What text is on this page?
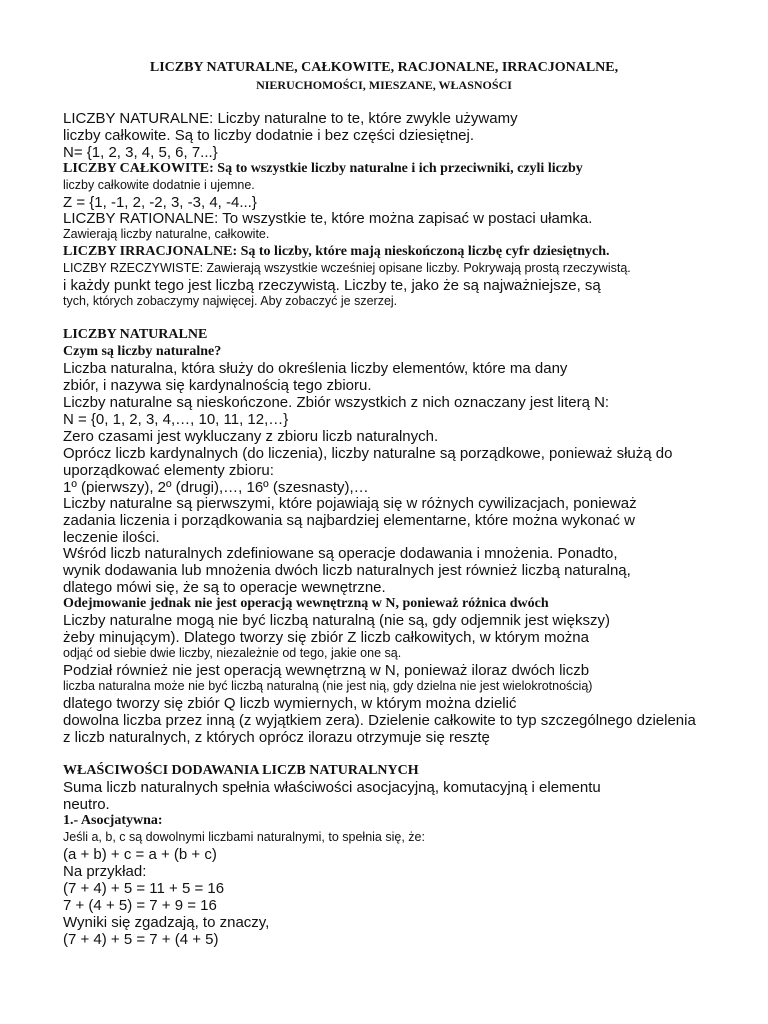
LICZBY NATURALNE, CAŁKOWITE, RACJONALNE, IRRACJONALNE,
NIERUCHOMOŚCI, MIESZANE, WŁASNOŚCI
LICZBY NATURALNE: Liczby naturalne to te, które zwykle używamy
liczby całkowite. Są to liczby dodatnie i bez części dziesiętnej.
N= {1, 2, 3, 4, 5, 6, 7...}
LICZBY CAŁKOWITE: Są to wszystkie liczby naturalne i ich przeciwniki, czyli liczby
liczby całkowite dodatnie i ujemne.
Z = {1, -1, 2, -2, 3, -3, 4, -4...}
LICZBY RATIONALNE: To wszystkie te, które można zapisać w postaci ułamka.
Zawierają liczby naturalne, całkowite.
LICZBY IRRACJONALNE: Są to liczby, które mają nieskończoną liczbę cyfr dziesiętnych.
LICZBY RZECZYWISTE: Zawierają wszystkie wcześniej opisane liczby. Pokrywają prostą rzeczywistą.
i każdy punkt tego jest liczbą rzeczywistą. Liczby te, jako że są najważniejsze, są
tych, których zobaczymy najwięcej. Aby zobaczyć je szerzej.
LICZBY NATURALNE
Czym są liczby naturalne?
Liczba naturalna, która służy do określenia liczby elementów, które ma dany
zbiór, i nazywa się kardynalnością tego zbioru.
Liczby naturalne są nieskończone. Zbiór wszystkich z nich oznaczany jest literą N:
N = {0, 1, 2, 3, 4,…, 10, 11, 12,…}
Zero czasami jest wykluczany z zbioru liczb naturalnych.
Oprócz liczb kardynalnych (do liczenia), liczby naturalne są porządkowe, ponieważ służą do
uporządkować elementy zbioru:
1º (pierwszy), 2º (drugi),…, 16º (szesnasty),…
Liczby naturalne są pierwszymi, które pojawiają się w różnych cywilizacjach, ponieważ
zadania liczenia i porządkowania są najbardziej elementarne, które można wykonać w
leczenie ilości.
Wśród liczb naturalnych zdefiniowane są operacje dodawania i mnożenia. Ponadto,
wynik dodawania lub mnożenia dwóch liczb naturalnych jest również liczbą naturalną,
dlatego mówi się, że są to operacje wewnętrzne.
Odejmowanie jednak nie jest operacją wewnętrzną w N, ponieważ różnica dwóch
Liczby naturalne mogą nie być liczbą naturalną (nie są, gdy odjemnik jest większy)
żeby minującym). Dlatego tworzy się zbiór Z liczb całkowitych, w którym można
odjąć od siebie dwie liczby, niezależnie od tego, jakie one są.
Podział również nie jest operacją wewnętrzną w N, ponieważ iloraz dwóch liczb
liczba naturalna może nie być liczbą naturalną (nie jest nią, gdy dzielna nie jest wielokrotnością)
dlatego tworzy się zbiór Q liczb wymiernych, w którym można dzielić
dowolna liczba przez inną (z wyjątkiem zera). Dzielenie całkowite to typ szczególnego dzielenia
z liczb naturalnych, z których oprócz ilorazu otrzymuje się resztę
WŁAŚCIWOŚCI DODAWANIA LICZB NATURALNYCH
Suma liczb naturalnych spełnia właściwości asocjacyjną, komutacyjną i elementu
neutro.
1.- Asocjatywna:
Jeśli a, b, c są dowolnymi liczbami naturalnymi, to spełnia się, że:
(a + b) + c = a + (b + c)
Na przykład:
(7 + 4) + 5 = 11 + 5 = 16
7 + (4 + 5) = 7 + 9 = 16
Wyniki się zgadzają, to znaczy,
(7 + 4) + 5 = 7 + (4 + 5)
